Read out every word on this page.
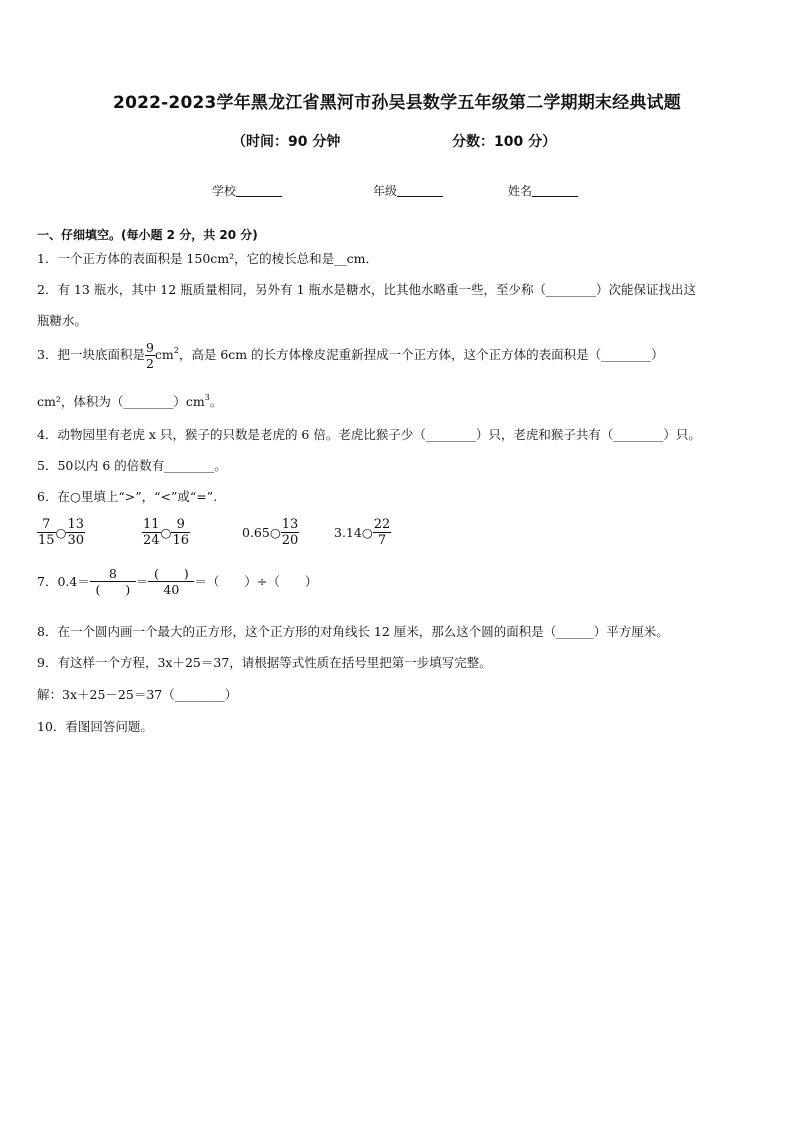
2022-2023学年黑龙江省黑河市孙吴县数学五年级第二学期期末经典试题
（时间：90 分钟	分数：100 分）
学校	年级	姓名
一、仔细填空。(每小题 2 分，共 20 分)
1．一个正方体的表面积是 150cm²，它的棱长总和是__cm．
2．有 13 瓶水，其中 12 瓶质量相同，另外有 1 瓶水是糖水，比其他水略重一些，至少称（________）次能保证找出这
瓶糖水。
3．把一块底面积是 $\frac{9}{2} cm^2$，高是 6cm 的长方体橡皮泥重新捏成一个正方体，这个正方体的表面积是（________）
cm²，体积为$(\_\_\_\_\_\_\_\_)cm^3$。
4．动物园里有老虎 x 只，猴子的只数是老虎的 6 倍。老虎比猴子少（________）只，老虎和猴子共有（________）只。
5．50以内 6 的倍数有________。
6．在○里填上“>”，“<”或“=”.
$\frac{7}{15}$ ○ $\frac{13}{30}$	$\frac{11}{24}$ ○ $\frac{9}{16}$	0.65 ○ $\frac{13}{20}$	3.14 ○ $\frac{22}{7}$
7．$0.4= \frac{8}{( )} = \frac{( )}{40}$ ＝（　　）÷（　　）
8．在一个圆内画一个最大的正方形，这个正方形的对角线长 12 厘米，那么这个圆的面积是（______）平方厘米。
9．有这样一个方程，3x＋25＝37，请根据等式性质在括号里把第一步填写完整。
解：3x＋25－25＝37（________）
10．看图回答问题。
